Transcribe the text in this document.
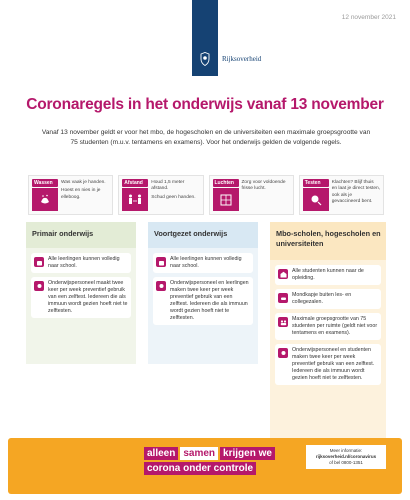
12 november 2021
Rijksoverheid
Coronaregels in het onderwijs vanaf 13 november

Vanaf 13 november geldt er voor het mbo, de hogescholen en de universiteiten een maximale groepsgrootte van 75 studenten (m.u.v. tentamens en examens). Voor het onderwijs gelden de volgende regels.

Wassen	Was vaak je handen.
Hoest en nies in je elleboog.
Afstand	Houd 1,5 meter afstand.
Schud geen handen.
Luchten	Zorg voor voldoende frisse lucht.
Testen	Klachten? Blijf thuis en laat je direct testen, ook als je gevaccineerd bent.
Primair onderwijs
Alle leerlingen kunnen volledig naar school.
Onderwijspersoneel maakt twee keer per week preventief gebruik van een zelftest. Iedereen die als immuun wordt gezien hoeft niet te zelftesten.
Voortgezet onderwijs
Alle leerlingen kunnen volledig naar school.
Onderwijspersoneel en leerlingen maken twee keer per week preventief gebruik van een zelftest. Iedereen die als immuun wordt gezien hoeft niet te zelftesten.
Mbo-scholen, hogescholen en universiteiten
Alle studenten kunnen naar de opleiding.
Mondkapje buiten les- en collegezalen.
Maximale groepsgrootte van 75 studenten per ruimte (geldt niet voor tentamens en examens).
Onderwijspersoneel en studenten maken twee keer per week preventief gebruik van een zelftest. Iedereen die als immuun wordt gezien hoeft niet te zelftesten.
alleen samen krijgen we
corona onder controle
Meer informatie:
rijksoverheid.nl/coronavirus
of bel 0800-1351
